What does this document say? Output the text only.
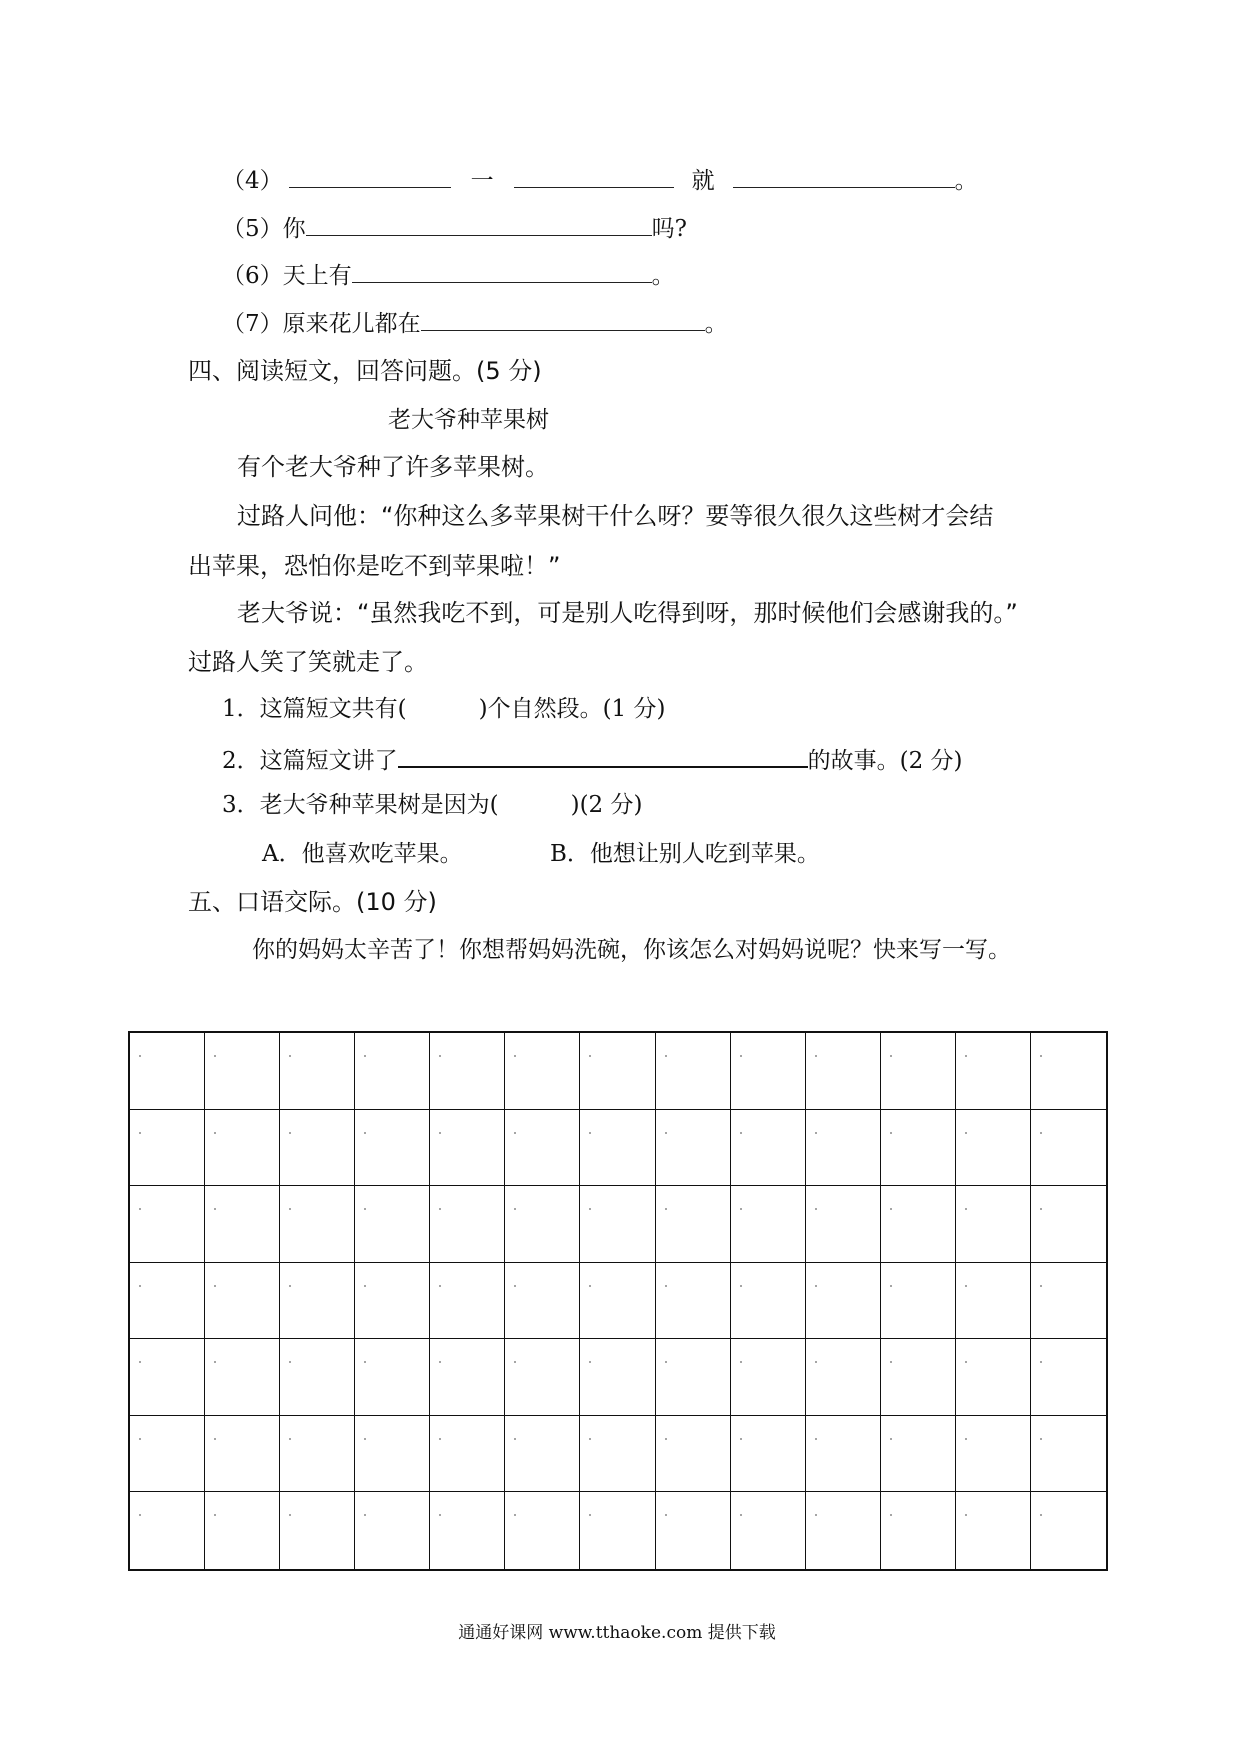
（4）	一	就	。
（5）你	吗?
（6）天上有	。
（7）原来花儿都在	。
四、阅读短文，回答问题。(5 分)
老大爷种苹果树
有个老大爷种了许多苹果树。
过路人问他：“你种这么多苹果树干什么呀？要等很久很久这些树才会结
出苹果，恐怕你是吃不到苹果啦！”
老大爷说：“虽然我吃不到，可是别人吃得到呀，那时候他们会感谢我的。”
过路人笑了笑就走了。
1．这篇短文共有(	)个自然段。(1 分)
2．这篇短文讲了	的故事。(2 分)
3．老大爷种苹果树是因为(	)(2 分)
A．他喜欢吃苹果。	B．他想让别人吃到苹果。
五、口语交际。(10 分)
你的妈妈太辛苦了！你想帮妈妈洗碗，你该怎么对妈妈说呢？快来写一写。
通通好课网 www.tthaoke.com 提供下载
